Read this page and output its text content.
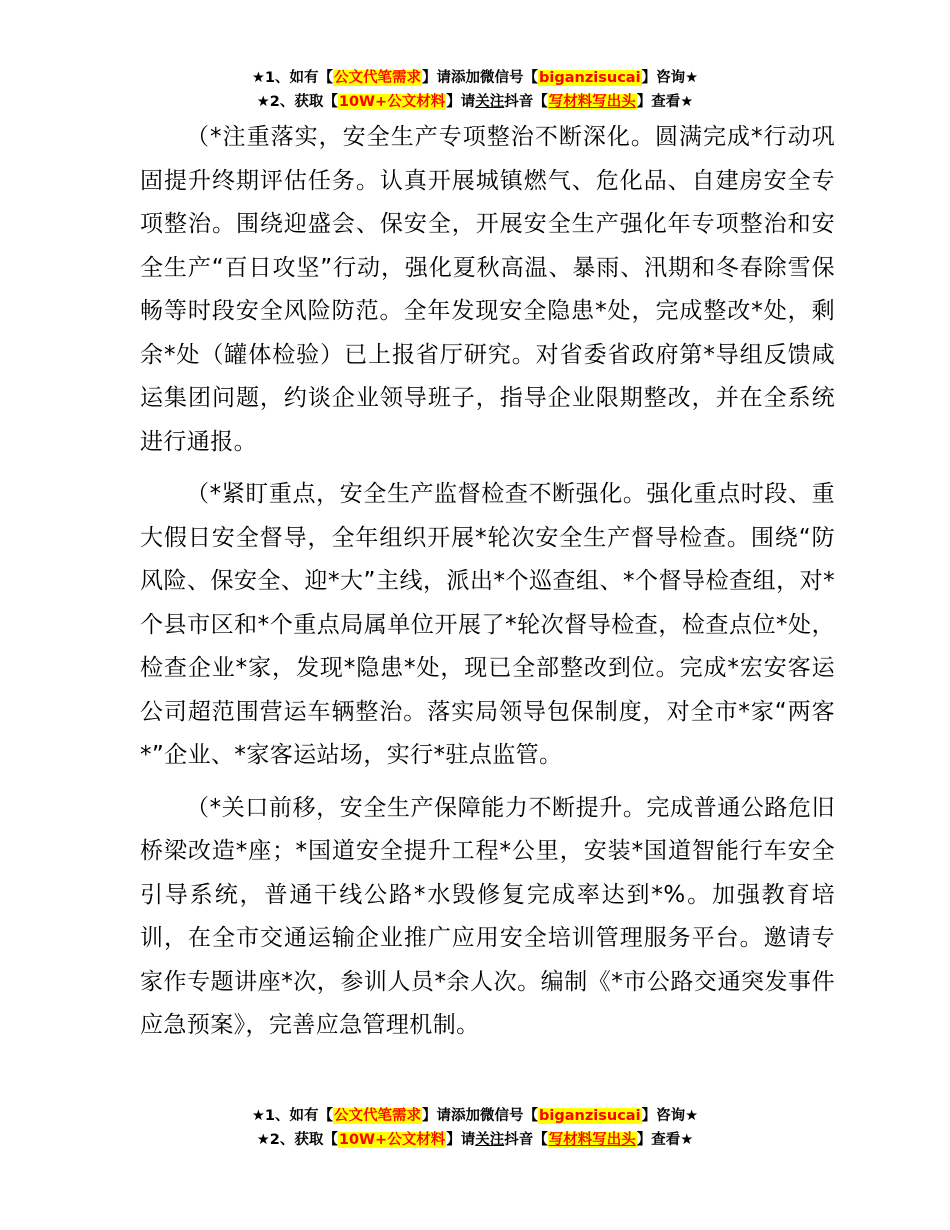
★1、如有【公文代笔需求】请添加微信号【biganzisucai】咨询★
★2、获取【10W+公文材料】请关注抖音【写材料写出头】查看★

（*注重落实，安全生产专项整治不断深化。圆满完成*行动巩固提升终期评估任务。认真开展城镇燃气、危化品、自建房安全专项整治。围绕迎盛会、保安全，开展安全生产强化年专项整治和安全生产“百日攻坚”行动，强化夏秋高温、暴雨、汛期和冬春除雪保畅等时段安全风险防范。全年发现安全隐患*处，完成整改*处，剩余*处（罐体检验）已上报省厅研究。对省委省政府第*导组反馈咸运集团问题，约谈企业领导班子，指导企业限期整改，并在全系统进行通报。

（*紧盯重点，安全生产监督检查不断强化。强化重点时段、重大假日安全督导，全年组织开展*轮次安全生产督导检查。围绕“防风险、保安全、迎*大”主线，派出*个巡查组、*个督导检查组，对*个县市区和*个重点局属单位开展了*轮次督导检查，检查点位*处，检查企业*家，发现*隐患*处，现已全部整改到位。完成*宏安客运公司超范围营运车辆整治。落实局领导包保制度，对全市*家“两客*”企业、*家客运站场，实行*驻点监管。

（*关口前移，安全生产保障能力不断提升。完成普通公路危旧桥梁改造*座；*国道安全提升工程*公里，安装*国道智能行车安全引导系统，普通干线公路*水毁修复完成率达到*%。加强教育培训，在全市交通运输企业推广应用安全培训管理服务平台。邀请专家作专题讲座*次，参训人员*余人次。编制《*市公路交通突发事件应急预案》，完善应急管理机制。

★1、如有【公文代笔需求】请添加微信号【biganzisucai】咨询★
★2、获取【10W+公文材料】请关注抖音【写材料写出头】查看★
